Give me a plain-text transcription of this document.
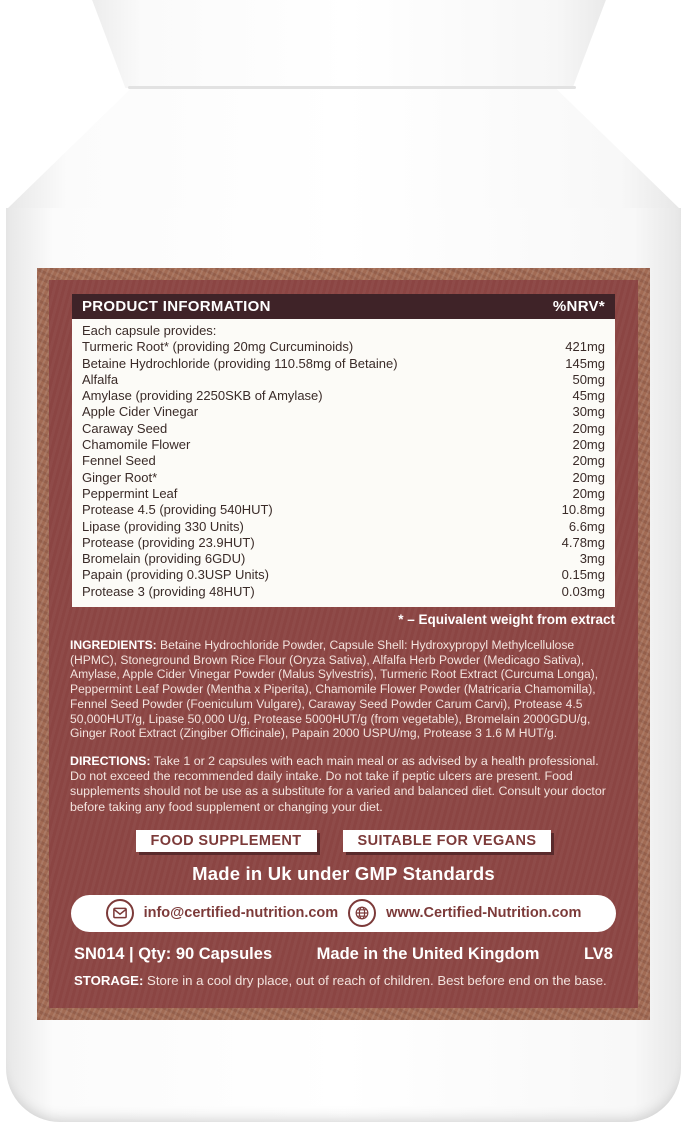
PRODUCT INFORMATION	%NRV*
Each capsule provides:
Turmeric Root* (providing 20mg Curcuminoids)	421mg
Betaine Hydrochloride (providing 110.58mg of Betaine)	145mg
Alfalfa	50mg
Amylase (providing 2250SKB of Amylase)	45mg
Apple Cider Vinegar	30mg
Caraway Seed	20mg
Chamomile Flower	20mg
Fennel Seed	20mg
Ginger Root*	20mg
Peppermint Leaf	20mg
Protease 4.5 (providing 540HUT)	10.8mg
Lipase (providing 330 Units)	6.6mg
Protease (providing 23.9HUT)	4.78mg
Bromelain (providing 6GDU)	3mg
Papain (providing 0.3USP Units)	0.15mg
Protease 3 (providing 48HUT)	0.03mg
* – Equivalent weight from extract

INGREDIENTS: Betaine Hydrochloride Powder, Capsule Shell: Hydroxypropyl Methylcellulose (HPMC), Stoneground Brown Rice Flour (Oryza Sativa), Alfalfa Herb Powder (Medicago Sativa), Amylase, Apple Cider Vinegar Powder (Malus Sylvestris), Turmeric Root Extract (Curcuma Longa), Peppermint Leaf Powder (Mentha x Piperita), Chamomile Flower Powder (Matricaria Chamomilla), Fennel Seed Powder (Foeniculum Vulgare), Caraway Seed Powder Carum Carvi), Protease 4.5 50,000HUT/g, Lipase 50,000 U/g, Protease 5000HUT/g (from vegetable), Bromelain 2000GDU/g, Ginger Root Extract (Zingiber Officinale), Papain 2000 USPU/mg, Protease 3 1.6 M HUT/g.

DIRECTIONS: Take 1 or 2 capsules with each main meal or as advised by a health professional. Do not exceed the recommended daily intake. Do not take if peptic ulcers are present. Food supplements should not be use as a substitute for a varied and balanced diet. Consult your doctor before taking any food supplement or changing your diet.

FOOD SUPPLEMENT	SUITABLE FOR VEGANS
Made in Uk under GMP Standards
info@certified-nutrition.com	www.Certified-Nutrition.com
SN014 | Qty: 90 Capsules	Made in the United Kingdom	LV8

STORAGE: Store in a cool dry place, out of reach of children. Best before end on the base.
